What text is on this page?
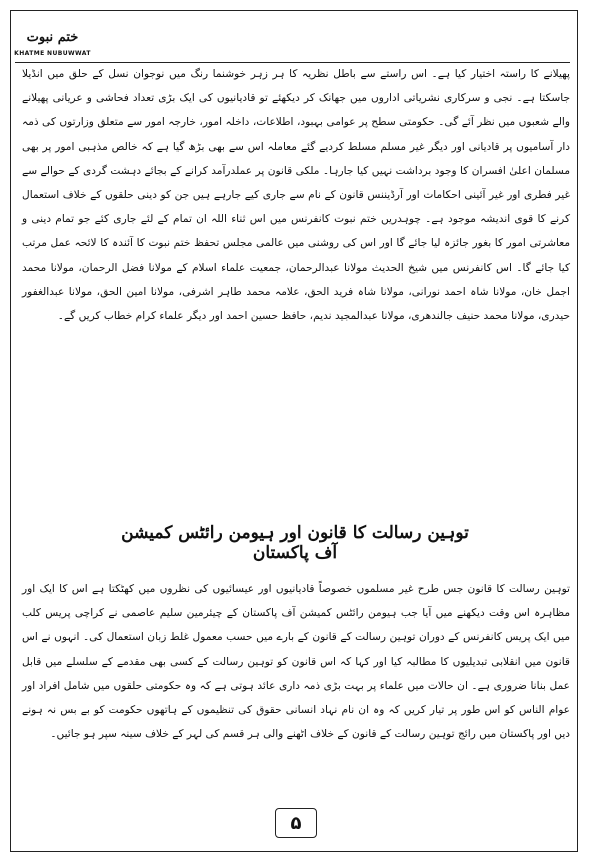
ختم نبوت
KHATME NUBUWWAT

پھیلانے کا راستہ اختیار کیا ہے۔ اس راستے سے باطل نظریہ کا ہر زہر خوشنما رنگ میں نوجوان نسل کے حلق میں انڈیلا جاسکتا ہے۔ نجی و سرکاری نشریاتی اداروں میں جھانک کر دیکھئے تو قادیانیوں کی ایک بڑی تعداد فحاشی و عریانی پھیلانے والے شعبوں میں نظر آئے گی۔ حکومتی سطح پر عوامی بہبود، اطلاعات، داخلہ امور، خارجہ امور سے متعلق وزارتوں کی ذمہ دار آسامیوں پر قادیانی اور دیگر غیر مسلم مسلط کردیے گئے معاملہ اس سے بھی بڑھ گیا ہے کہ خالص مذہبی امور پر بھی مسلمان اعلیٰ افسران کا وجود برداشت نہیں کیا جارہا۔ ملکی قانون پر عملدرآمد کرانے کے بجائے دہشت گردی کے حوالے سے غیر فطری اور غیر آئینی احکامات اور آرڈیننس قانون کے نام سے جاری کیے جارہے ہیں جن کو دینی حلقوں کے خلاف استعمال کرنے کا قوی اندیشہ موجود ہے۔ چوہدریں ختم نبوت کانفرنس میں اس ثناء اللہ ان تمام کے لئے جاری کئے جو تمام دینی و معاشرتی امور کا بغور جائزہ لیا جائے گا اور اس کی روشنی میں عالمی مجلس تحفظ ختم نبوت کا آئندہ کا لائحہ عمل مرتب کیا جائے گا۔ اس کانفرنس میں شیخ الحدیث مولانا عبدالرحمان، جمعیت علماء اسلام کے مولانا فضل الرحمان، مولانا محمد اجمل خان، مولانا شاہ احمد نورانی، مولانا شاہ فرید الحق، علامہ محمد طاہر اشرفی، مولانا امین الحق، مولانا عبدالغفور حیدری، مولانا محمد حنیف جالندھری، مولانا عبدالمجید ندیم، حافظ حسین احمد اور دیگر علماء کرام خطاب کریں گے۔

توہین رسالت کا قانون اور ہیومن رائٹس کمیشن آف پاکستان

توہین رسالت کا قانون جس طرح غیر مسلموں خصوصاً قادیانیوں اور عیسائیوں کی نظروں میں کھٹکتا ہے اس کا ایک اور مظاہرہ اس وقت دیکھنے میں آیا جب ہیومن رائٹس کمیشن آف پاکستان کے چیئرمین سلیم عاصمی نے کراچی پریس کلب میں ایک پریس کانفرنس کے دوران توہین رسالت کے قانون کے بارے میں حسب معمول غلط زبان استعمال کی۔ انہوں نے اس قانون میں انقلابی تبدیلیوں کا مطالبہ کیا اور کہا کہ اس قانون کو توہین رسالت کے کسی بھی مقدمے کے سلسلے میں قابل عمل بنانا ضروری ہے۔ ان حالات میں علماء پر بہت بڑی ذمہ داری عائد ہوتی ہے کہ وہ حکومتی حلقوں میں شامل افراد اور عوام الناس کو اس طور پر تیار کریں کہ وہ ان نام نہاد انسانی حقوق کی تنظیموں کے ہاتھوں حکومت کو بے بس نہ ہونے دیں اور پاکستان میں رائج توہین رسالت کے قانون کے خلاف اٹھنے والی ہر قسم کی لہر کے خلاف سینہ سپر ہو جائیں۔

۵
